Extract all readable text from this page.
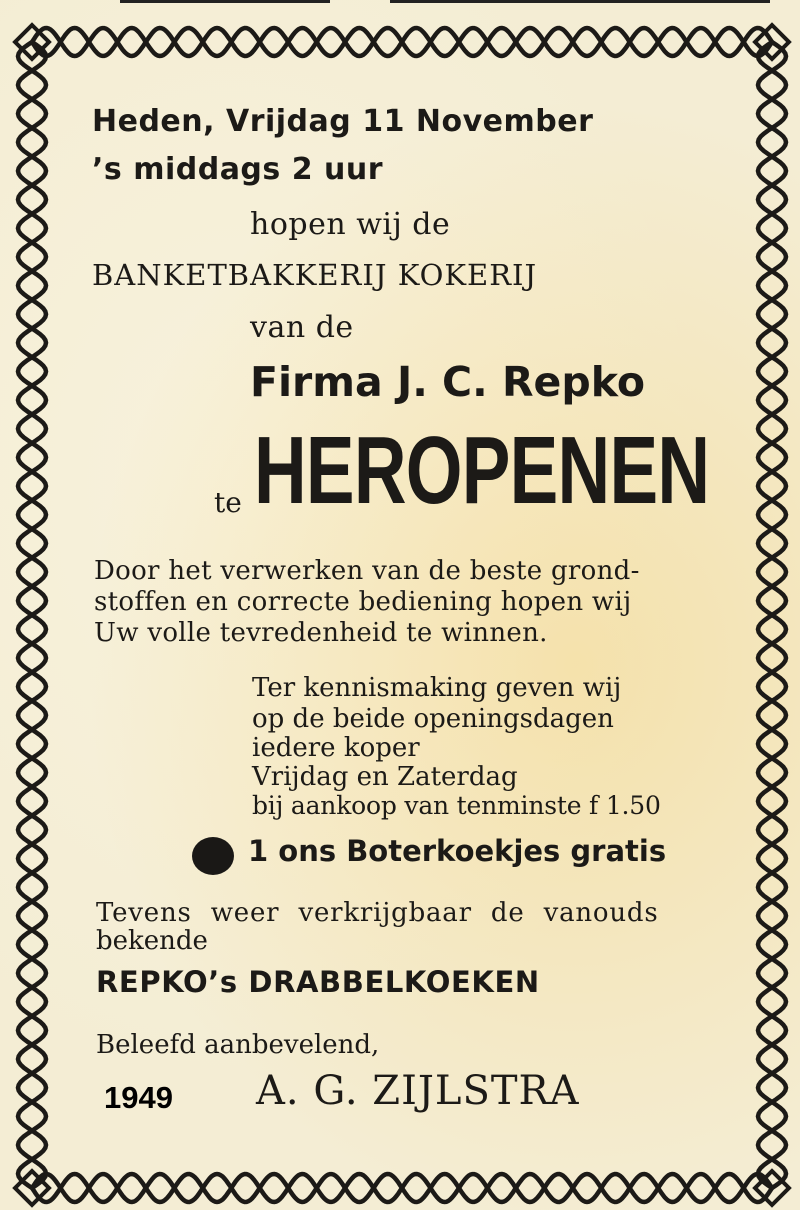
Heden, Vrijdag 11 November
’s middags 2 uur
hopen wij de
BANKETBAKKERIJ KOKERIJ
van de
Firma J. C. Repko
te HEROPENEN
Door het verwerken van de beste grond-
stoffen en correcte bediening hopen wij
Uw volle tevredenheid te winnen.
Ter kennismaking geven wij
op de beide openingsdagen
iedere koper
Vrijdag en Zaterdag
bij aankoop van tenminste f 1.50
1 ons Boterkoekjes gratis
Tevens weer verkrijgbaar de vanouds
bekende
REPKO’s DRABBELKOEKEN
Beleefd aanbevelend,
1949 A. G. ZIJLSTRA
